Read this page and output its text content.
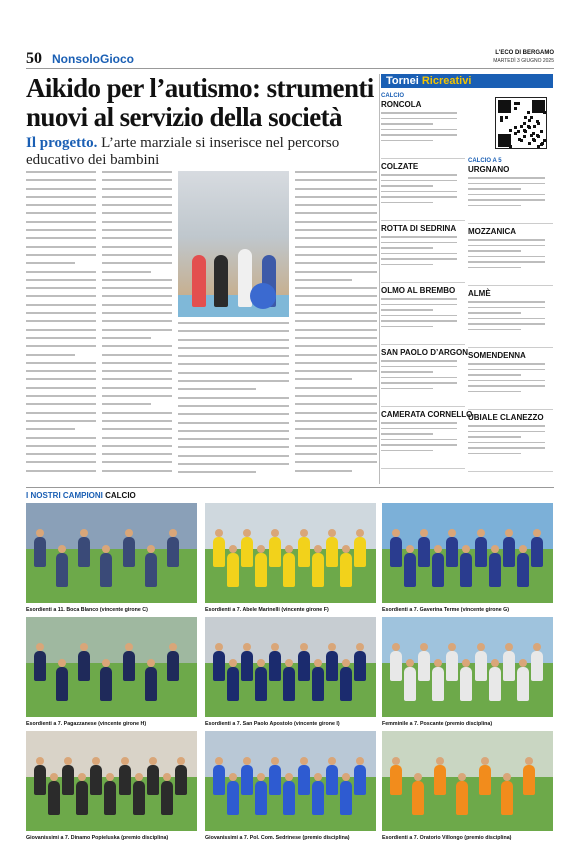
50 NonsoloGioco	L'ECO DI BERGAMO
MARTEDÌ 3 GIUGNO 2025
Aikido per l’autismo: strumenti nuovi al servizio della società
Il progetto. L’arte marziale si inserisce nel percorso educativo dei bambini
Tornei Ricreativi
CALCIO
CALCIO A 5
RONCOLA
COLZATE
ROTTA DI SEDRINA
OLMO AL BREMBO
SAN PAOLO D’ARGON
CAMERATA CORNELLO
URGNANO
MOZZANICA
ALMÈ
SOMENDENNA
UBIALE CLANEZZO
I NOSTRI CAMPIONI CALCIO
Esordienti a 11. Boca Blanco (vincente girone C)	Esordienti a 7. Abele Marinelli (vincente girone F)	Esordienti a 7. Gaverina Terme (vincente girone G)
Esordienti a 7. Pagazzanese (vincente girone H)	Esordienti a 7. San Paolo Apostolo (vincente girone I)	Femminile a 7. Poscante (premio disciplina)
Giovanissimi a 7. Dinamo Popieluska (premio disciplina)	Giovanissimi a 7. Pol. Com. Sedrinese (premio disciplina)	Esordienti a 7. Oratorio Villongo (premio disciplina)
